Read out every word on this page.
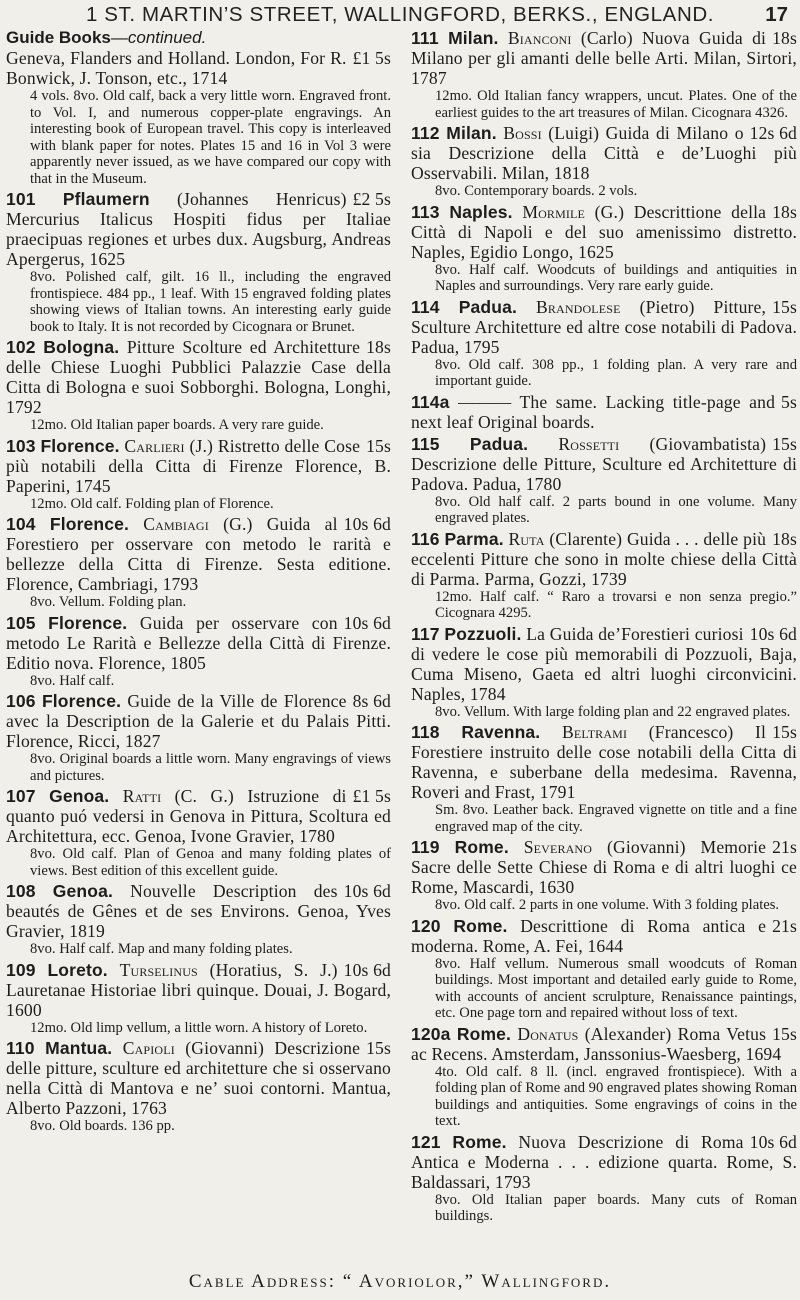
1 ST. MARTIN’S STREET, WALLINGFORD, BERKS., ENGLAND. 17
Guide Books—continued.
£1 5s
Geneva, Flanders and Holland. London, For R. Bonwick, J. Tonson, etc., 1714
4 vols. 8vo. Old calf, back a very little worn. Engraved front. to Vol. I, and numerous copper-plate engravings. An interesting book of European travel. This copy is interleaved with blank paper for notes. Plates 15 and 16 in Vol 3 were apparently never issued, as we have compared our copy with that in the Museum.
£2 5s
101 Pflaumern (Johannes Henricus) Mercurius Italicus Hospiti fidus per Italiae praecipuas regiones et urbes dux. Augsburg, Andreas Apergerus, 1625
8vo. Polished calf, gilt. 16 ll., including the engraved frontispiece. 484 pp., 1 leaf. With 15 engraved folding plates showing views of Italian towns. An interesting early guide book to Italy. It is not recorded by Cicognara or Brunet.
18s
102 Bologna. Pitture Scolture ed Architetture delle Chiese Luoghi Pubblici Palazzie Case della Citta di Bologna e suoi Sobborghi. Bologna, Longhi, 1792
12mo. Old Italian paper boards. A very rare guide.
15s
103 Florence. Carlieri (J.) Ristretto delle Cose più notabili della Citta di Firenze Florence, B. Paperini, 1745
12mo. Old calf. Folding plan of Florence.
10s 6d
104 Florence. Cambiagi (G.) Guida al Forestiero per osservare con metodo le rarità e bellezze della Citta di Firenze. Sesta editione. Florence, Cambriagi, 1793
8vo. Vellum. Folding plan.
10s 6d
105 Florence. Guida per osservare con metodo Le Rarità e Bellezze della Città di Firenze. Editio nova. Florence, 1805
8vo. Half calf.
8s 6d
106 Florence. Guide de la Ville de Florence avec la Description de la Galerie et du Palais Pitti. Florence, Ricci, 1827
8vo. Original boards a little worn. Many engravings of views and pictures.
£1 5s
107 Genoa. Ratti (C. G.) Istruzione di quanto puó vedersi in Genova in Pittura, Scoltura ed Architettura, ecc. Genoa, Ivone Gravier, 1780
8vo. Old calf. Plan of Genoa and many folding plates of views. Best edition of this excellent guide.
10s 6d
108 Genoa. Nouvelle Description des beautés de Gênes et de ses Environs. Genoa, Yves Gravier, 1819
8vo. Half calf. Map and many folding plates.
10s 6d
109 Loreto. Turselinus (Horatius, S. J.) Lauretanae Historiae libri quinque. Douai, J. Bogard, 1600
12mo. Old limp vellum, a little worn. A history of Loreto.
15s
110 Mantua. Capioli (Giovanni) Descrizione delle pitture, sculture ed architetture che si osservano nella Città di Mantova e ne’ suoi contorni. Mantua, Alberto Pazzoni, 1763
8vo. Old boards. 136 pp.
18s
111 Milan. Bianconi (Carlo) Nuova Guida di Milano per gli amanti delle belle Arti. Milan, Sirtori, 1787
12mo. Old Italian fancy wrappers, uncut. Plates. One of the earliest guides to the art treasures of Milan. Cicognara 4326.
12s 6d
112 Milan. Bossi (Luigi) Guida di Milano o sia Descrizione della Città e de’Luoghi più Osservabili. Milan, 1818
8vo. Contemporary boards. 2 vols.
18s
113 Naples. Mormile (G.) Descrittione della Città di Napoli e del suo amenissimo distretto. Naples, Egidio Longo, 1625
8vo. Half calf. Woodcuts of buildings and antiquities in Naples and surroundings. Very rare early guide.
15s
114 Padua. Brandolese (Pietro) Pitture, Sculture Architetture ed altre cose notabili di Padova. Padua, 1795
8vo. Old calf. 308 pp., 1 folding plan. A very rare and important guide.
5s
114a ——— The same. Lacking title-page and next leaf Original boards.
15s
115 Padua. Rossetti (Giovambatista) Descrizione delle Pitture, Sculture ed Architetture di Padova. Padua, 1780
8vo. Old half calf. 2 parts bound in one volume. Many engraved plates.
18s
116 Parma. Ruta (Clarente) Guida . . . delle più eccelenti Pitture che sono in molte chiese della Città di Parma. Parma, Gozzi, 1739
12mo. Half calf. “ Raro a trovarsi e non senza pregio.” Cicognara 4295.
10s 6d
117 Pozzuoli. La Guida de’Forestieri curiosi di vedere le cose più memorabili di Pozzuoli, Baja, Cuma Miseno, Gaeta ed altri luoghi circonvicini. Naples, 1784
8vo. Vellum. With large folding plan and 22 engraved plates.
15s
118 Ravenna. Beltrami (Francesco) Il Forestiere instruito delle cose notabili della Citta di Ravenna, e suberbane della medesima. Ravenna, Roveri and Frast, 1791
Sm. 8vo. Leather back. Engraved vignette on title and a fine engraved map of the city.
21s
119 Rome. Severano (Giovanni) Memorie Sacre delle Sette Chiese di Roma e di altri luoghi ce Rome, Mascardi, 1630
8vo. Old calf. 2 parts in one volume. With 3 folding plates.
21s
120 Rome. Descrittione di Roma antica e moderna. Rome, A. Fei, 1644
8vo. Half vellum. Numerous small woodcuts of Roman buildings. Most important and detailed early guide to Rome, with accounts of ancient scrulpture, Renaissance paintings, etc. One page torn and repaired without loss of text.
15s
120a Rome. Donatus (Alexander) Roma Vetus ac Recens. Amsterdam, Janssonius-Waesberg, 1694
4to. Old calf. 8 ll. (incl. engraved frontispiece). With a folding plan of Rome and 90 engraved plates showing Roman buildings and antiquities. Some engravings of coins in the text.
10s 6d
121 Rome. Nuova Descrizione di Roma Antica e Moderna . . . edizione quarta. Rome, S. Baldassari, 1793
8vo. Old Italian paper boards. Many cuts of Roman buildings.
Cable Address: “ Avoriolor,” Wallingford.
